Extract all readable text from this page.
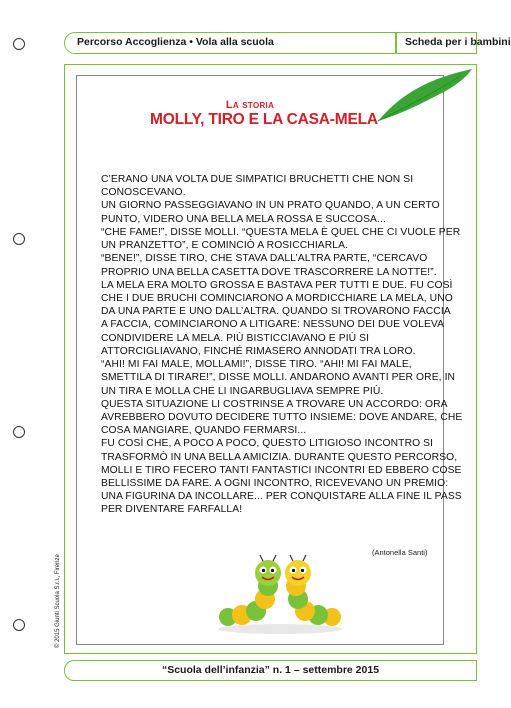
Percorso Accoglienza • Vola alla scuola	Scheda per i bambini
La storia
MOLLY, TIRO E LA CASA-MELA
C’ERANO UNA VOLTA DUE SIMPATICI BRUCHETTI CHE NON SI
CONOSCEVANO.
UN GIORNO PASSEGGIAVANO IN UN PRATO QUANDO, A UN CERTO
PUNTO, VIDERO UNA BELLA MELA ROSSA E SUCCOSA...
“CHE FAME!”, DISSE MOLLI. “QUESTA MELA È QUEL CHE CI VUOLE PER
UN PRANZETTO”, E COMINCIÒ A ROSICCHIARLA.
“BENE!”, DISSE TIRO, CHE STAVA DALL’ALTRA PARTE, “CERCAVO
PROPRIO UNA BELLA CASETTA DOVE TRASCORRERE LA NOTTE!”.
LA MELA ERA MOLTO GROSSA E BASTAVA PER TUTTI E DUE. FU COSÌ
CHE I DUE BRUCHI COMINCIARONO A MORDICCHIARE LA MELA, UNO
DA UNA PARTE E UNO DALL’ALTRA. QUANDO SI TROVARONO FACCIA
A FACCIA, COMINCIARONO A LITIGARE: NESSUNO DEI DUE VOLEVA
CONDIVIDERE LA MELA. PIÙ BISTICCIAVANO E PIÙ SI
ATTORCIGLIAVANO, FINCHÉ RIMASERO ANNODATI TRA LORO.
“AHI! MI FAI MALE, MOLLAMI!”, DISSE TIRO. “AHI! MI FAI MALE,
SMETTILA DI TIRARE!”, DISSE MOLLI. ANDARONO AVANTI PER ORE, IN
UN TIRA E MOLLA CHE LI INGARBUGLIAVA SEMPRE PIÙ.
QUESTA SITUAZIONE LI COSTRINSE A TROVARE UN ACCORDO: ORA
AVREBBERO DOVUTO DECIDERE TUTTO INSIEME: DOVE ANDARE, CHE
COSA MANGIARE, QUANDO FERMARSI...
FU COSÌ CHE, A POCO A POCO, QUESTO LITIGIOSO INCONTRO SI
TRASFORMÒ IN UNA BELLA AMICIZIA. DURANTE QUESTO PERCORSO,
MOLLI E TIRO FECERO TANTI FANTASTICI INCONTRI ED EBBERO COSE
BELLISSIME DA FARE. A OGNI INCONTRO, RICEVEVANO UN PREMIO:
UNA FIGURINA DA INCOLLARE... PER CONQUISTARE ALLA FINE IL PASS
PER DIVENTARE FARFALLA!
(Antonella Santi)
© 2015 Giunti Scuola S.r.l., Firenze
“Scuola dell’infanzia” n. 1 – settembre 2015
